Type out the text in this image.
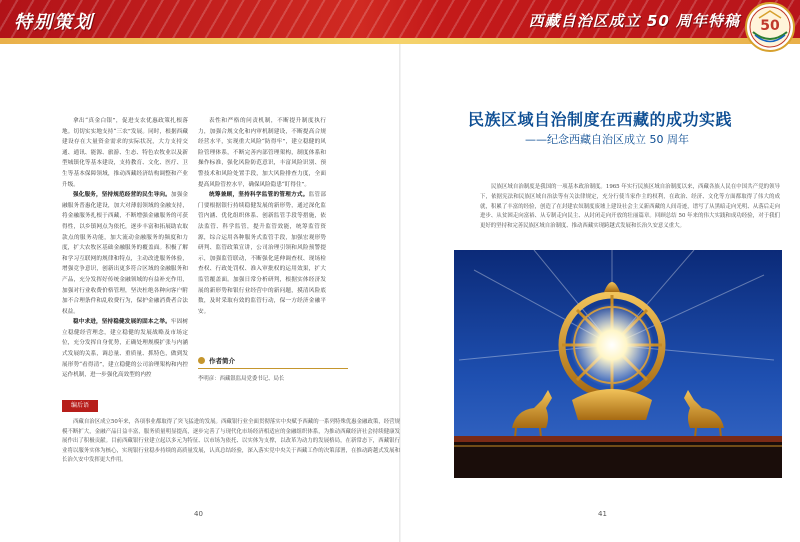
特别策划	西藏自治区成立 50 周年特稿 50

拿出“真金白银”，促进支农优惠政策扎根落地。切切实实地支持“三农”发展。同时，根据西藏建设存在大量资金需求的实际状况，大力支持交通、通讯、能源、旅游、生态、特色农牧业以及新型城镇化等基本建设，支持教育、文化、医疗、卫生等基本保障领域，推动西藏经济结构调整和产业升级。

强化服务，坚持规范经营的民生导向。加强金融服务普惠化建设，加大对薄弱领域的金融支持，将金融服务扎根于西藏，不断增强金融服务的可获得性，以乡镇网点为依托，逐步丰富和拓展助农取款点的服务功能，加大流动金融服务的频度和力度，扩大农牧区基础金融服务的覆盖面。积极了解和学习互联网的规律和特点，主动改进服务体验，增强竞争意识，创新出更多符合区域的金融服务和产品，充分发挥好传统金融领域的有益补充作用，加强对行业收费价格管理，坚决杜绝各种向客户附加不合理条件和乱收费行为，保护金融消费者合法权益。

稳中求进，坚持稳健发展的固本之举。牢固树立稳健经营理念，建立稳健的发展战略及市场定位，充分发挥自身优势，正确处理规模扩张与内涵式发展的关系，调总量、重质量、抓特色，做到发展形势“看得清”，建立稳健的公司治理架构和内控运作机制，进一步强化高效型的内控

表性和严格的问责机制，不断提升制度执行力，加强合规文化和内审机制建设，不断提高合规经营水平，实现重大风险“防得牢”，建立稳健的风险管理体系，不断完善内部管理架构，制度体系和操作标准，强化风险防范意识，丰富风险识别、预警技术和风险处置手段，加大风险排查力度，全面提高风险管控水平，确保风险隐患“盯得住”。

统筹兼顾，坚持科学监管的管理方式。监管部门要根据银行持续稳健发展的新形势，通过深化监管内涵、优化组织体系、创新监管手段等措施，依法监管、科学监管，提升监管效能，统筹监管资源，综合运用各种服务式监管手段，加强宏观形势研判、监管政策宣讲，公司治理引领和风险预警提示，加强监管联动，不断强化延伸调查权、现场检查权、行政处罚权、准入审批权的运用效果，扩大监管覆盖面。加强日常分析研判，根据实体经济发展的新形势和银行业经营中的新问题，摸清风险底数，及时采取有效的监管行动，保一方经济金融平安。

作者简介
李明彦：西藏银监局党委书记、局长
编后语

西藏自治区成立50年来，各项事业都取得了突飞猛进的发展。西藏银行业全面贯彻落实中央赋予西藏的一系列特殊优惠金融政策，经营规模不断扩大，金融产品日益丰富，服务质量明显提高，逐步完善了与现代化市场经济相适应的金融组织体系，为推动西藏经济社会持续健康发展作出了积极贡献。目前西藏银行业建立起以多元为特征、以市场为依托、以实体为支撑，以改革为动力的发展格局，在新常态下，西藏银行业将以服务实体为核心，实现银行业稳步持续的高质量发展，认真总结经验，深入落实党中央关于西藏工作的决策部署，在推动跨越式发展和长治久安中发挥更大作用。

民族区域自治制度在西藏的成功实践
——纪念西藏自治区成立 50 周年

民族区域自治制度是我国的一项基本政治制度。1965 年实行民族区域自治制度以来，西藏各族人民在中国共产党的领导下，依据宪法和民族区域自治法等有关法律规定，充分行使当家作主的权利，在政治、经济、文化等方面都取得了伟大的成就，积累了丰富的经验，创造了在封建农奴制度废墟上建设社会主义新西藏的人间奇迹，谱写了从黑暗走向光明、从落后走向进步、从贫困走向富裕、从专制走向民主、从封闭走向开放的壮丽篇章。回顾总结 50 年来的伟大实践和成功经验，对于我们更好的坚持和完善民族区域自治制度、推动西藏实现跨越式发展和长治久安意义重大。

40	41
